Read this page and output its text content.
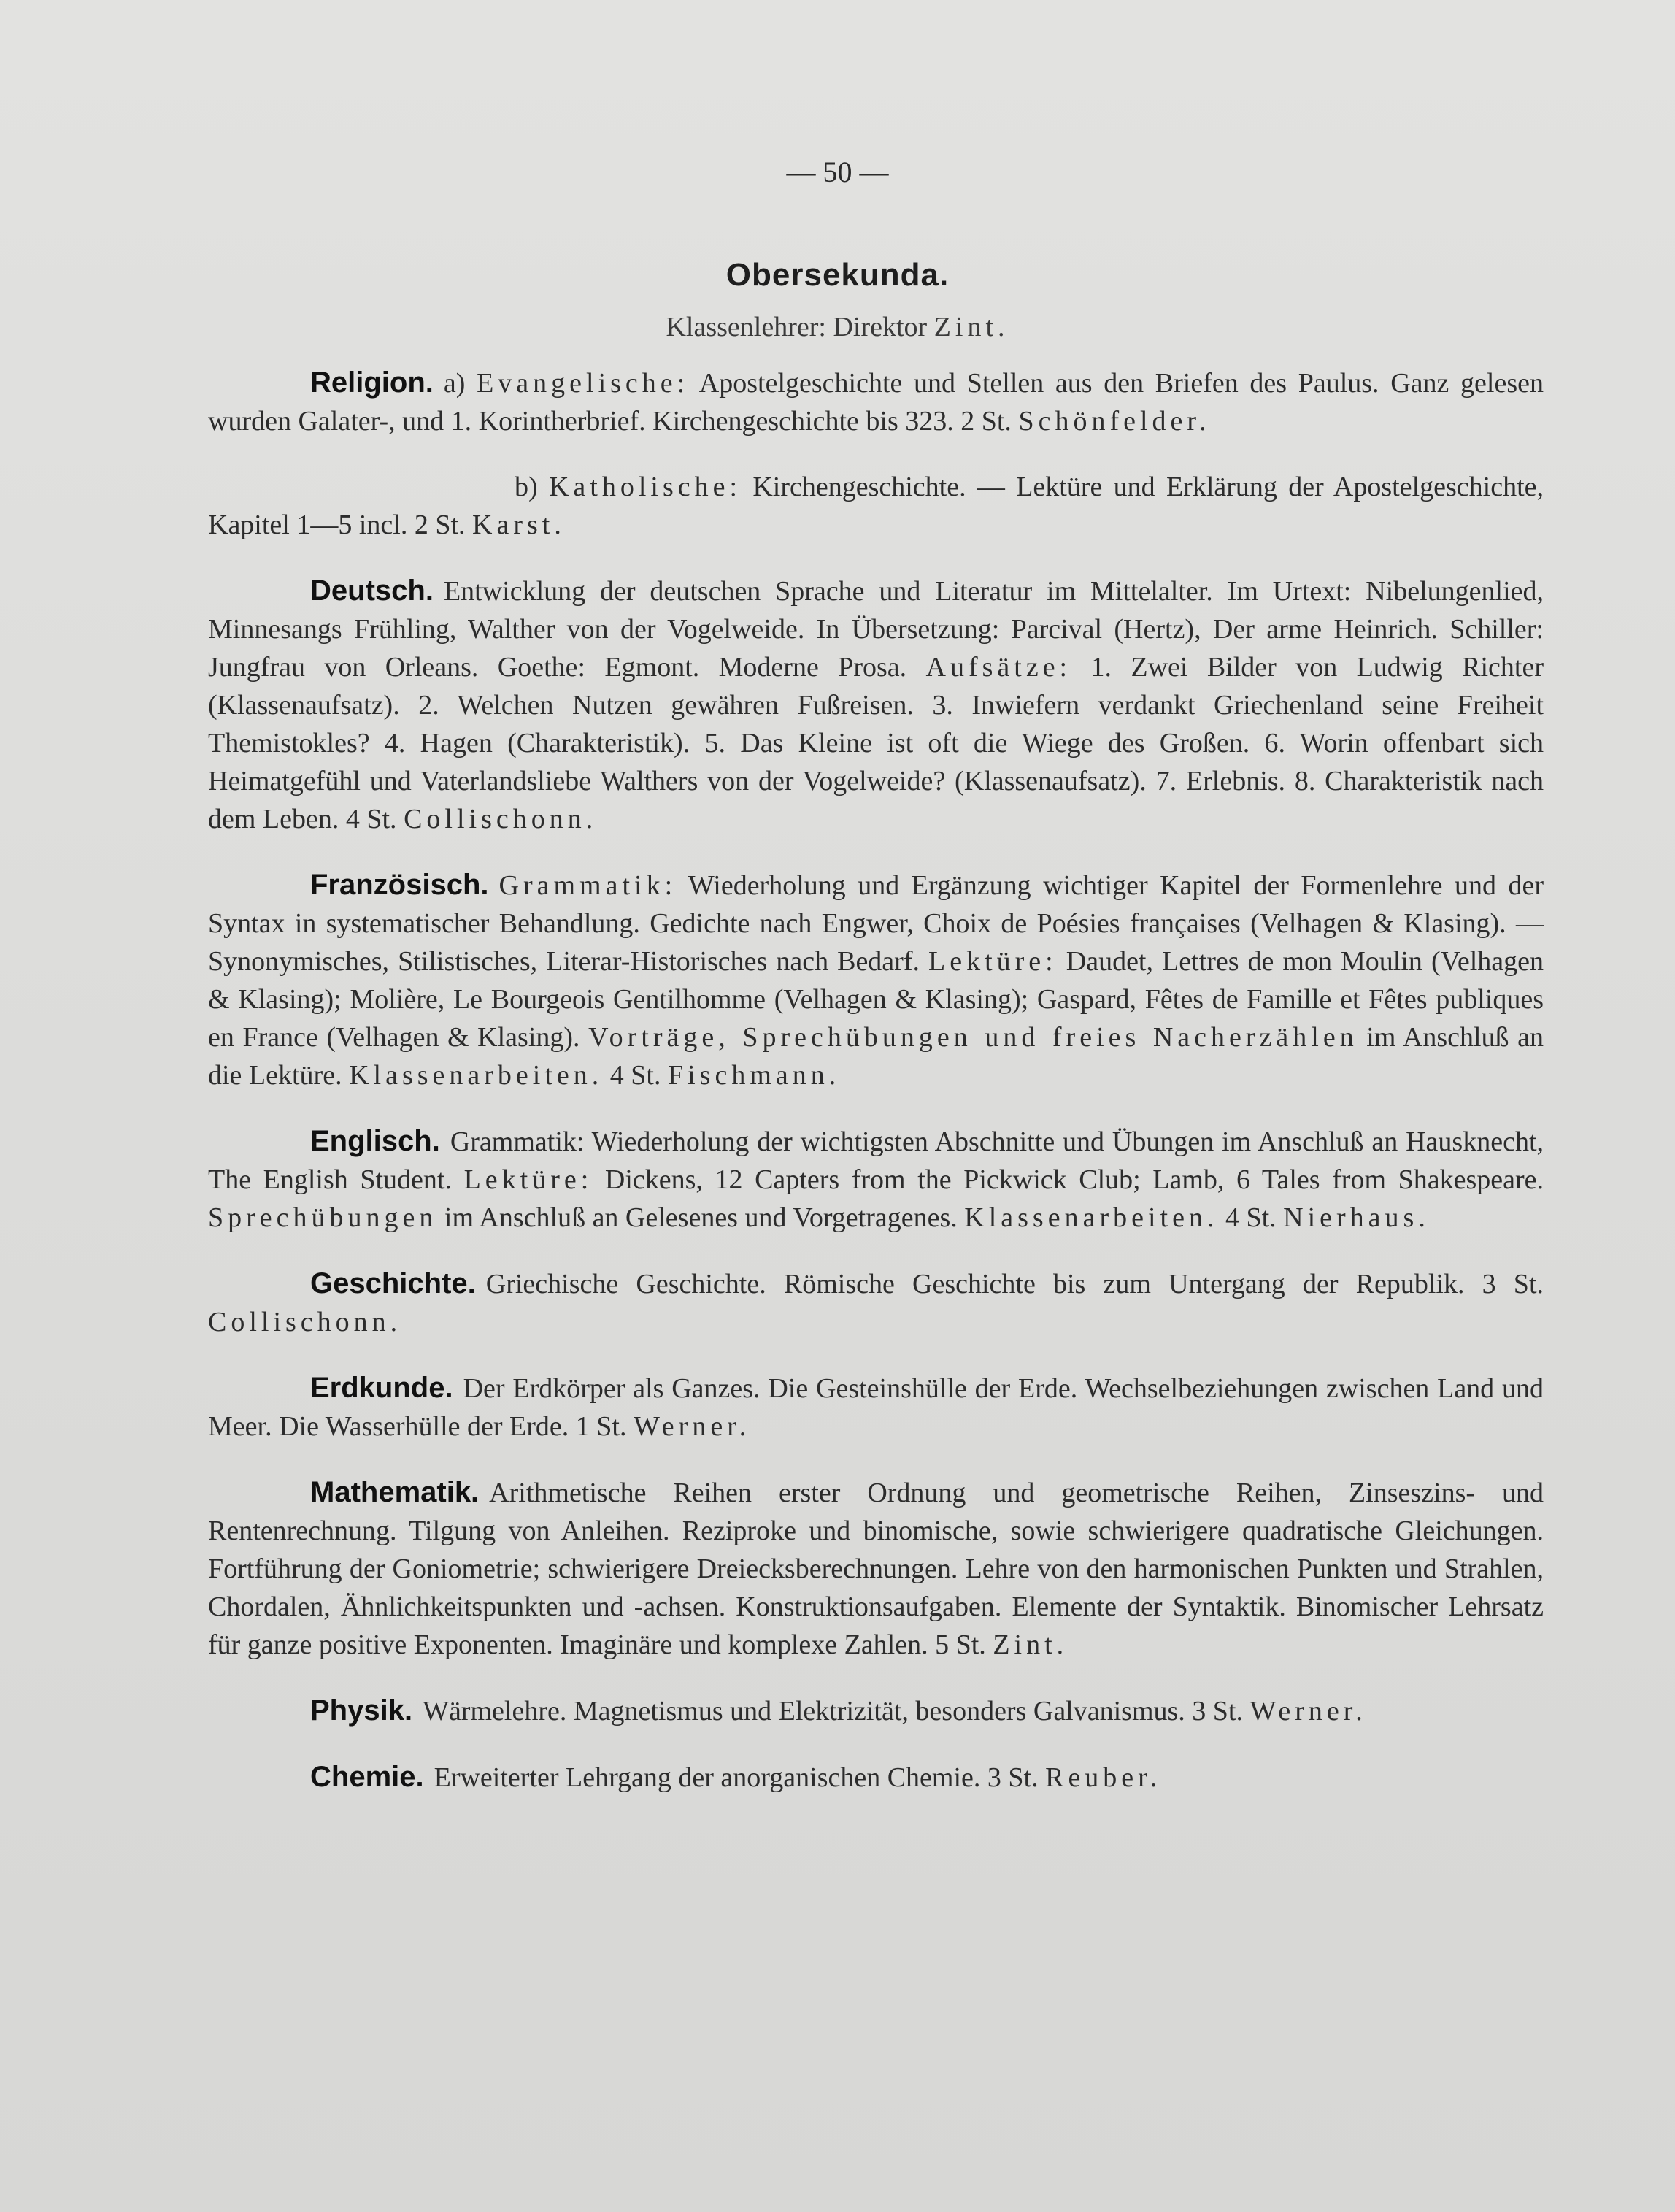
— 50 —
Obersekunda.
Klassenlehrer: Direktor Zint.

Religion. a) Evangelische: Apostelgeschichte und Stellen aus den Briefen des Paulus. Ganz gelesen wurden Galater-, und 1. Korintherbrief. Kirchengeschichte bis 323. 2 St. Schönfelder.

b) Katholische: Kirchengeschichte. — Lektüre und Erklärung der Apostelgeschichte, Kapitel 1—5 incl. 2 St. Karst.

Deutsch. Entwicklung der deutschen Sprache und Literatur im Mittelalter. Im Urtext: Nibelungenlied, Minnesangs Frühling, Walther von der Vogelweide. In Übersetzung: Parcival (Hertz), Der arme Heinrich. Schiller: Jungfrau von Orleans. Goethe: Egmont. Moderne Prosa. Aufsätze: 1. Zwei Bilder von Ludwig Richter (Klassenaufsatz). 2. Welchen Nutzen gewähren Fußreisen. 3. Inwiefern verdankt Griechenland seine Freiheit Themistokles? 4. Hagen (Charakteristik). 5. Das Kleine ist oft die Wiege des Großen. 6. Worin offenbart sich Heimatgefühl und Vaterlandsliebe Walthers von der Vogelweide? (Klassenaufsatz). 7. Erlebnis. 8. Charakteristik nach dem Leben. 4 St. Collischonn.

Französisch. Grammatik: Wiederholung und Ergänzung wichtiger Kapitel der Formenlehre und der Syntax in systematischer Behandlung. Gedichte nach Engwer, Choix de Poésies françaises (Velhagen & Klasing). — Synonymisches, Stilistisches, Literar-Historisches nach Bedarf. Lektüre: Daudet, Lettres de mon Moulin (Velhagen & Klasing); Molière, Le Bourgeois Gentilhomme (Velhagen & Klasing); Gaspard, Fêtes de Famille et Fêtes publiques en France (Velhagen & Klasing). Vorträge, Sprechübungen und freies Nacherzählen im Anschluß an die Lektüre. Klassenarbeiten. 4 St. Fischmann.

Englisch. Grammatik: Wiederholung der wichtigsten Abschnitte und Übungen im Anschluß an Hausknecht, The English Student. Lektüre: Dickens, 12 Capters from the Pickwick Club; Lamb, 6 Tales from Shakespeare. Sprechübungen im Anschluß an Gelesenes und Vorgetragenes. Klassenarbeiten. 4 St. Nierhaus.

Geschichte. Griechische Geschichte. Römische Geschichte bis zum Untergang der Republik. 3 St. Collischonn.

Erdkunde. Der Erdkörper als Ganzes. Die Gesteinshülle der Erde. Wechselbeziehungen zwischen Land und Meer. Die Wasserhülle der Erde. 1 St. Werner.

Mathematik. Arithmetische Reihen erster Ordnung und geometrische Reihen, Zinseszins- und Rentenrechnung. Tilgung von Anleihen. Reziproke und binomische, sowie schwierigere quadratische Gleichungen. Fortführung der Goniometrie; schwierigere Dreiecksberechnungen. Lehre von den harmonischen Punkten und Strahlen, Chordalen, Ähnlichkeitspunkten und -achsen. Konstruktionsaufgaben. Elemente der Syntaktik. Binomischer Lehrsatz für ganze positive Exponenten. Imaginäre und komplexe Zahlen. 5 St. Zint.

Physik. Wärmelehre. Magnetismus und Elektrizität, besonders Galvanismus. 3 St. Werner.

Chemie. Erweiterter Lehrgang der anorganischen Chemie. 3 St. Reuber.
